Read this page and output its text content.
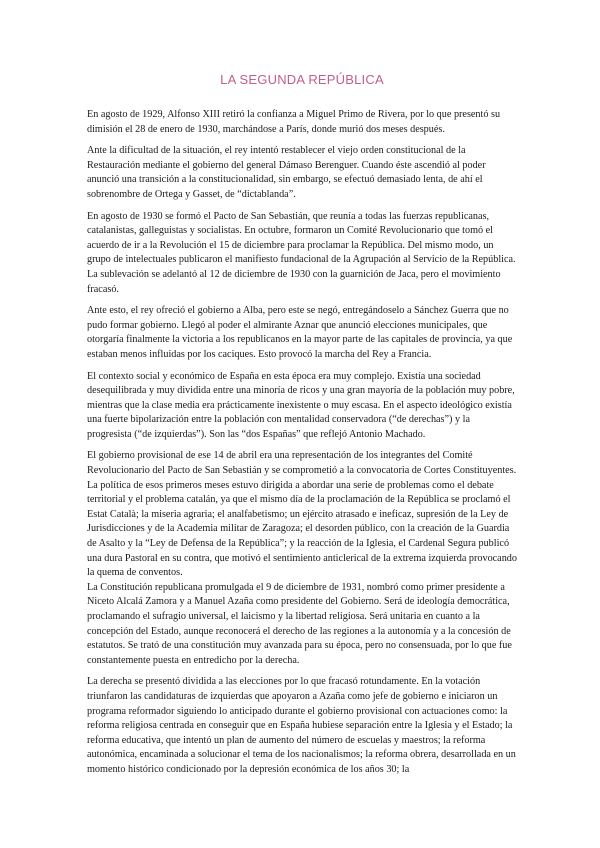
LA SEGUNDA REPÚBLICA

En agosto de 1929, Alfonso XIII retiró la confianza a Miguel Primo de Rivera, por lo que presentó su dimisión el 28 de enero de 1930, marchándose a París, donde murió dos meses después.

Ante la dificultad de la situación, el rey intentó restablecer el viejo orden constitucional de la Restauración mediante el gobierno del general Dámaso Berenguer. Cuando éste ascendió al poder anunció una transición a la constitucionalidad, sin embargo, se efectuó demasiado lenta, de ahí el sobrenombre de Ortega y Gasset, de “dictablanda”.

En agosto de 1930 se formó el Pacto de San Sebastián, que reunía a todas las fuerzas republicanas, catalanistas, galleguistas y socialistas. En octubre, formaron un Comité Revolucionario que tomó el acuerdo de ir a la Revolución el 15 de diciembre para proclamar la República. Del mismo modo, un grupo de intelectuales publicaron el manifiesto fundacional de la Agrupación al Servicio de la República. La sublevación se adelantó al 12 de diciembre de 1930 con la guarnición de Jaca, pero el movimiento fracasó.

Ante esto, el rey ofreció el gobierno a Alba, pero este se negó, entregándoselo a Sánchez Guerra que no pudo formar gobierno. Llegó al poder el almirante Aznar que anunció elecciones municipales, que otorgaría finalmente la victoria a los republicanos en la mayor parte de las capitales de provincia, ya que estaban menos influidas por los caciques. Esto provocó la marcha del Rey a Francia.

El contexto social y económico de España en esta época era muy complejo. Existía una sociedad desequilibrada y muy dividida entre una minoría de ricos y una gran mayoría de la población muy pobre, mientras que la clase media era prácticamente inexistente o muy escasa. En el aspecto ideológico existía una fuerte bipolarización entre la población con mentalidad conservadora (“de derechas”) y la progresista (“de izquierdas”). Son las “dos Españas” que reflejó Antonio Machado.

El gobierno provisional de ese 14 de abril era una representación de los integrantes del Comité Revolucionario del Pacto de San Sebastián y se comprometió a la convocatoria de Cortes Constituyentes. La política de esos primeros meses estuvo dirigida a abordar una serie de problemas como el debate territorial y el problema catalán, ya que el mismo día de la proclamación de la República se proclamó el Estat Català; la miseria agraria; el analfabetismo; un ejército atrasado e ineficaz, supresión de la Ley de Jurisdicciones y de la Academia militar de Zaragoza; el desorden público, con la creación de la Guardia de Asalto y la “Ley de Defensa de la República”; y la reacción de la Iglesia, el Cardenal Segura publicó una dura Pastoral en su contra, que motivó el sentimiento anticlerical de la extrema izquierda provocando la quema de conventos.

La Constitución republicana promulgada el 9 de diciembre de 1931, nombró como primer presidente a Niceto Alcalá Zamora y a Manuel Azaña como presidente del Gobierno. Será de ideología democrática, proclamando el sufragio universal, el laicismo y la libertad religiosa. Será unitaria en cuanto a la concepción del Estado, aunque reconocerá el derecho de las regiones a la autonomía y a la concesión de estatutos. Se trató de una constitución muy avanzada para su época, pero no consensuada, por lo que fue constantemente puesta en entredicho por la derecha.

La derecha se presentó dividida a las elecciones por lo que fracasó rotundamente. En la votación triunfaron las candidaturas de izquierdas que apoyaron a Azaña como jefe de gobierno e iniciaron un programa reformador siguiendo lo anticipado durante el gobierno provisional con actuaciones como: la reforma religiosa centrada en conseguir que en España hubiese separación entre la Iglesia y el Estado; la reforma educativa, que intentó un plan de aumento del número de escuelas y maestros; la reforma autonómica, encaminada a solucionar el tema de los nacionalismos; la reforma obrera, desarrollada en un momento histórico condicionado por la depresión económica de los años 30; la
